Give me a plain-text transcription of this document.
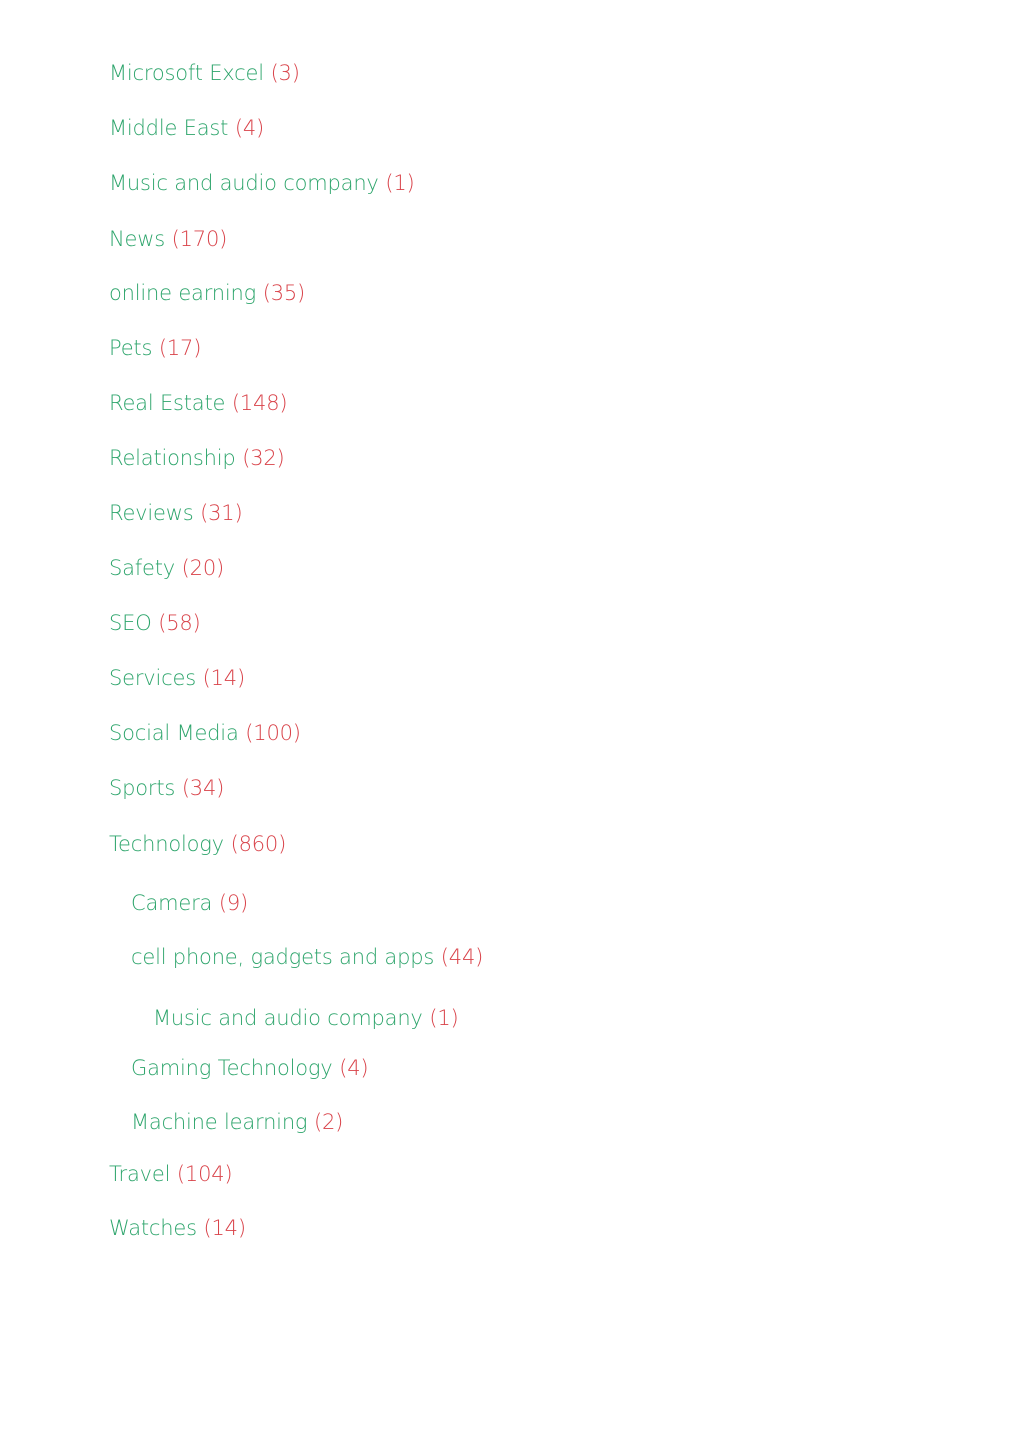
Microsoft Excel (3)
Middle East (4)
Music and audio company (1)
News (170)
online earning (35)
Pets (17)
Real Estate (148)
Relationship (32)
Reviews (31)
Safety (20)
SEO (58)
Services (14)
Social Media (100)
Sports (34)
Technology (860)
Camera (9)
cell phone, gadgets and apps (44)
Music and audio company (1)
Gaming Technology (4)
Machine learning (2)
Travel (104)
Watches (14)
